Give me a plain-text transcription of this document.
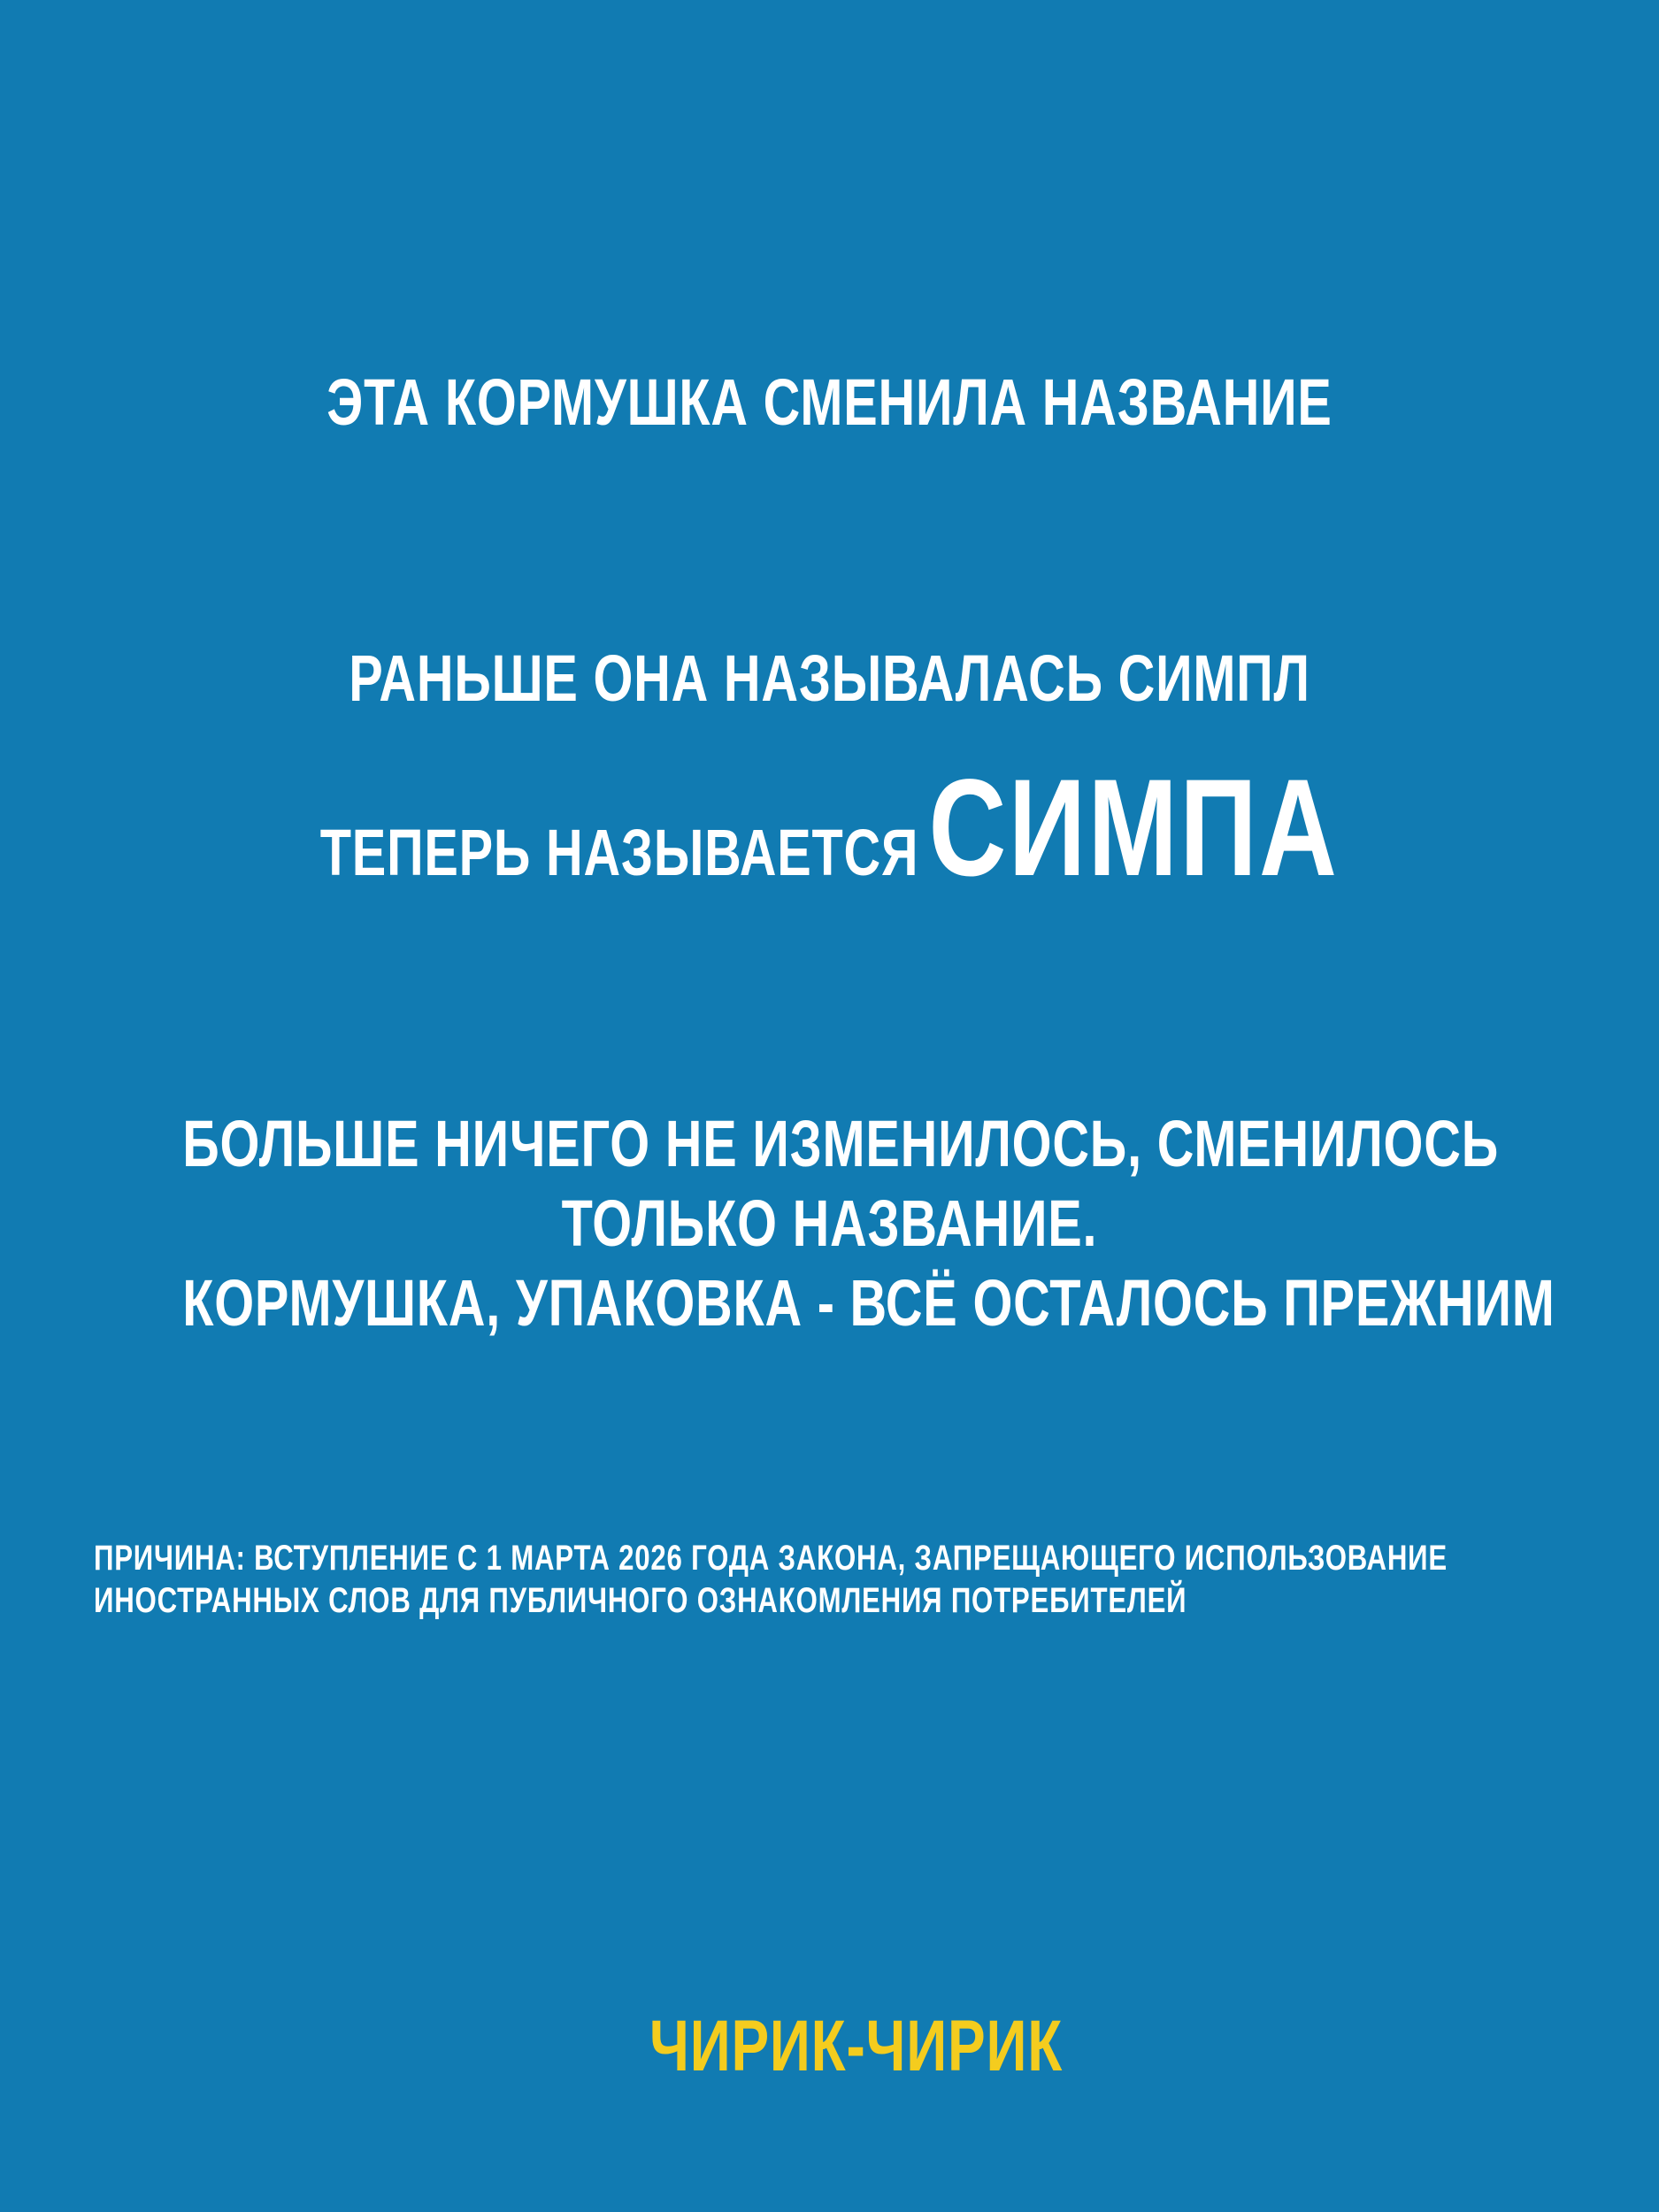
ЭТА КОРМУШКА СМЕНИЛА НАЗВАНИЕ
РАНЬШЕ ОНА НАЗЫВАЛАСЬ СИМПЛ
ТЕПЕРЬ НАЗЫВАЕТСЯ СИМПА
БОЛЬШЕ НИЧЕГО НЕ ИЗМЕНИЛОСЬ, СМЕНИЛОСЬ
ТОЛЬКО НАЗВАНИЕ.
КОРМУШКА, УПАКОВКА - ВСЁ ОСТАЛОСЬ ПРЕЖНИМ
ПРИЧИНА: ВСТУПЛЕНИЕ С 1 МАРТА 2026 ГОДА ЗАКОНА, ЗАПРЕЩАЮЩЕГО ИСПОЛЬЗОВАНИЕ
ИНОСТРАННЫХ СЛОВ ДЛЯ ПУБЛИЧНОГО ОЗНАКОМЛЕНИЯ ПОТРЕБИТЕЛЕЙ
ЧИРИК-ЧИРИК
